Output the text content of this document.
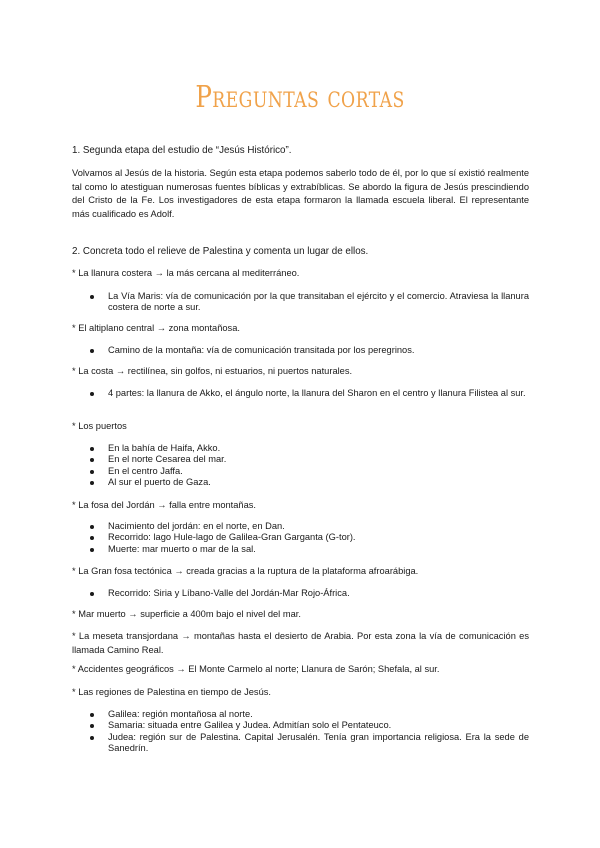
Preguntas cortas
1. Segunda etapa del estudio de “Jesús Histórico”.
Volvamos al Jesús de la historia. Según esta etapa podemos saberlo todo de él, por lo que sí existió realmente tal como lo atestiguan numerosas fuentes bíblicas y extrabíblicas. Se abordo la figura de Jesús prescindiendo del Cristo de la Fe. Los investigadores de esta etapa formaron la llamada escuela liberal. El representante más cualificado es Adolf.
2. Concreta todo el relieve de Palestina y comenta un lugar de ellos.
* La llanura costera → la más cercana al mediterráneo.
La Vía Maris: vía de comunicación por la que transitaban el ejército y el comercio. Atraviesa la llanura costera de norte a sur.
* El altiplano central → zona montañosa.
Camino de la montaña: vía de comunicación transitada por los peregrinos.
* La costa → rectilínea, sin golfos, ni estuarios, ni puertos naturales.
4 partes: la llanura de Akko, el ángulo norte, la llanura del Sharon en el centro y llanura Filistea al sur.
* Los puertos
En la bahía de Haifa, Akko.
En el norte Cesarea del mar.
En el centro Jaffa.
Al sur el puerto de Gaza.
* La fosa del Jordán → falla entre montañas.
Nacimiento del jordán: en el norte, en Dan.
Recorrido: lago Hule-lago de Galilea-Gran Garganta (G-tor).
Muerte: mar muerto o mar de la sal.
* La Gran fosa tectónica → creada gracias a la ruptura de la plataforma afroarábiga.
Recorrido: Siria y Líbano-Valle del Jordán-Mar Rojo-África.
* Mar muerto → superficie a 400m bajo el nivel del mar.
* La meseta transjordana → montañas hasta el desierto de Arabia. Por esta zona la vía de comunicación es llamada Camino Real.
* Accidentes geográficos → El Monte Carmelo al norte; Llanura de Sarón; Shefala, al sur.
* Las regiones de Palestina en tiempo de Jesús.
Galilea: región montañosa al norte.
Samaria: situada entre Galilea y Judea. Admitían solo el Pentateuco.
Judea: región sur de Palestina. Capital Jerusalén. Tenía gran importancia religiosa. Era la sede de Sanedrín.
